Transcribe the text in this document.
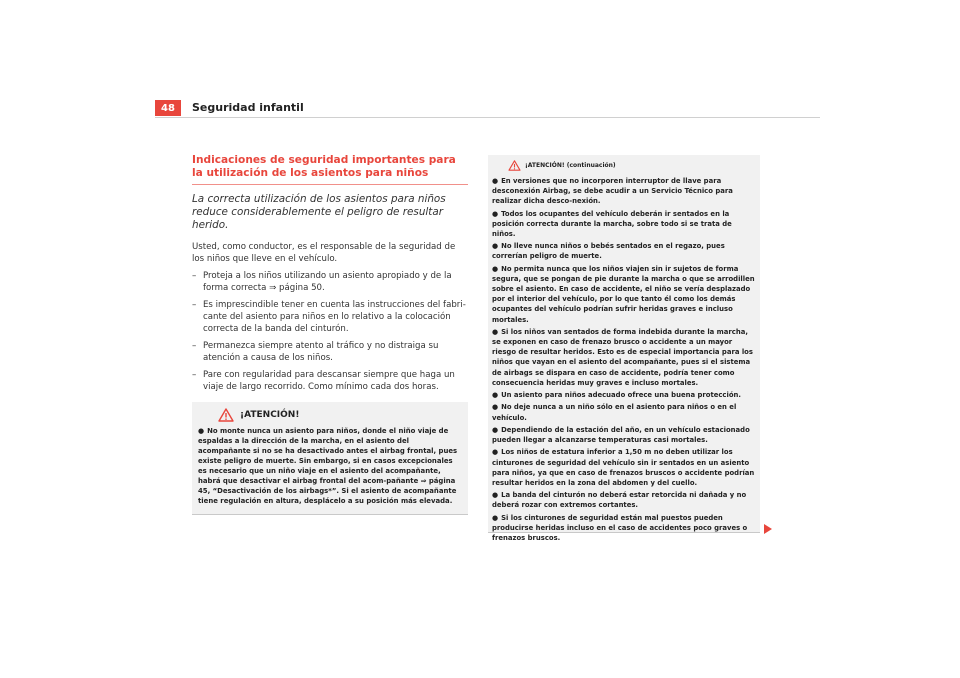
48	Seguridad infantil
Indicaciones de seguridad importantes para la utilización de los asientos para niños

La correcta utilización de los asientos para niños reduce considerablemente el peligro de resultar herido.

Usted, como conductor, es el responsable de la seguridad de los niños que lleve en el vehículo.

– Proteja a los niños utilizando un asiento apropiado y de la forma correcta ⇒ página 50.
– Es imprescindible tener en cuenta las instrucciones del fabri-cante del asiento para niños en lo relativo a la colocación correcta de la banda del cinturón.
– Permanezca siempre atento al tráfico y no distraiga su atención a causa de los niños.
– Pare con regularidad para descansar siempre que haga un viaje de largo recorrido. Como mínimo cada dos horas.
¡ATENCIÓN!

● No monte nunca un asiento para niños, donde el niño viaje de espaldas a la dirección de la marcha, en el asiento del acompañante si no se ha desactivado antes el airbag frontal, pues existe peligro de muerte. Sin embargo, si en casos excepcionales es necesario que un niño viaje en el asiento del acompañante, habrá que desactivar el airbag frontal del acom-pañante ⇒ página 45, “Desactivación de los airbags*”. Si el asiento de acompañante tiene regulación en altura, desplácelo a su posición más elevada.

¡ATENCIÓN! (continuación)
● En versiones que no incorporen interruptor de llave para desconexión Airbag, se debe acudir a un Servicio Técnico para realizar dicha desco-nexión.
● Todos los ocupantes del vehículo deberán ir sentados en la posición correcta durante la marcha, sobre todo si se trata de niños.
● No lleve nunca niños o bebés sentados en el regazo, pues correrían peligro de muerte.
● No permita nunca que los niños viajen sin ir sujetos de forma segura, que se pongan de pie durante la marcha o que se arrodillen sobre el asiento. En caso de accidente, el niño se vería desplazado por el interior del vehículo, por lo que tanto él como los demás ocupantes del vehículo podrían sufrir heridas graves e incluso mortales.
● Si los niños van sentados de forma indebida durante la marcha, se exponen en caso de frenazo brusco o accidente a un mayor riesgo de resultar heridos. Esto es de especial importancia para los niños que vayan en el asiento del acompañante, pues si el sistema de airbags se dispara en caso de accidente, podría tener como consecuencia heridas muy graves e incluso mortales.
● Un asiento para niños adecuado ofrece una buena protección.
● No deje nunca a un niño sólo en el asiento para niños o en el vehículo.
● Dependiendo de la estación del año, en un vehículo estacionado pueden llegar a alcanzarse temperaturas casi mortales.
● Los niños de estatura inferior a 1,50 m no deben utilizar los cinturones de seguridad del vehículo sin ir sentados en un asiento para niños, ya que en caso de frenazos bruscos o accidente podrían resultar heridos en la zona del abdomen y del cuello.
● La banda del cinturón no deberá estar retorcida ni dañada y no deberá rozar con extremos cortantes.
● Si los cinturones de seguridad están mal puestos pueden producirse heridas incluso en el caso de accidentes poco graves o frenazos bruscos.
